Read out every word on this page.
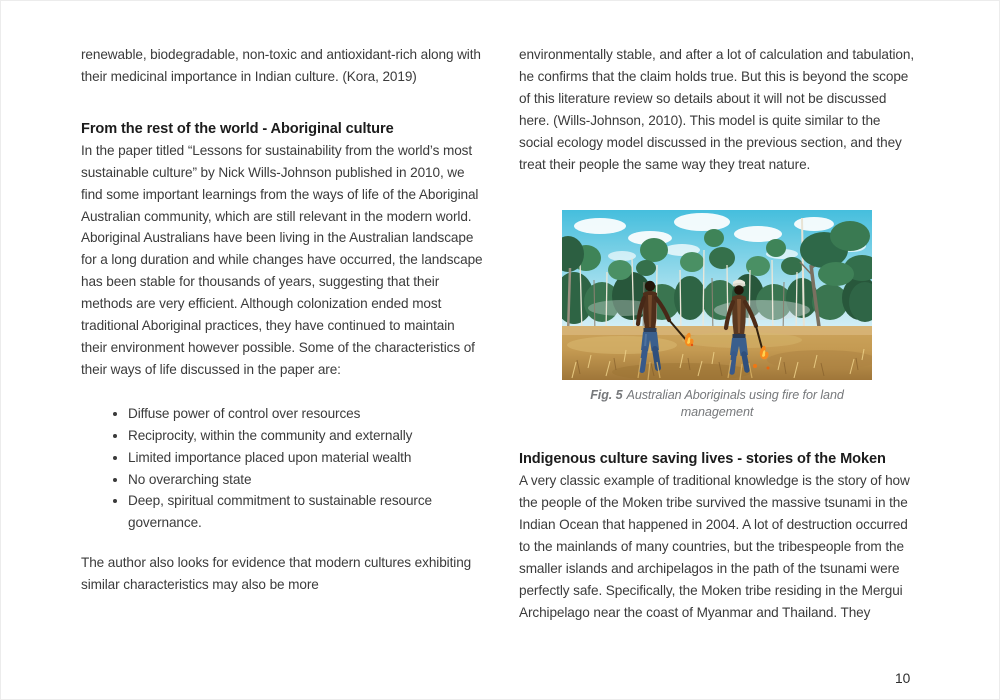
renewable, biodegradable, non-toxic and antioxidant-rich along with their medicinal importance in Indian culture. (Kora, 2019)

From the rest of the world - Aboriginal culture

In the paper titled “Lessons for sustainability from the world’s most sustainable culture” by Nick Wills-Johnson published in 2010, we find some important learnings from the ways of life of the Aboriginal Australian community, which are still relevant in the modern world. Aboriginal Australians have been living in the Australian landscape for a long duration and while changes have occurred, the landscape has been stable for thousands of years, suggesting that their methods are very efficient. Although colonization ended most traditional Aboriginal practices, they have continued to maintain their environment however possible. Some of the characteristics of their ways of life discussed in the paper are:

• Diffuse power of control over resources
• Reciprocity, within the community and externally
• Limited importance placed upon material wealth
• No overarching state
• Deep, spiritual commitment to sustainable resource governance.

The author also looks for evidence that modern cultures exhibiting similar characteristics may also be more

environmentally stable, and after a lot of calculation and tabulation, he confirms that the claim holds true. But this is beyond the scope of this literature review so details about it will not be discussed here. (Wills-Johnson, 2010). This model is quite similar to the social ecology model discussed in the previous section, and they treat their people the same way they treat nature.

Fig. 5 Australian Aboriginals using fire for land management
Indigenous culture saving lives - stories of the Moken

A very classic example of traditional knowledge is the story of how the people of the Moken tribe survived the massive tsunami in the Indian Ocean that happened in 2004. A lot of destruction occurred to the mainlands of many countries, but the tribespeople from the smaller islands and archipelagos in the path of the tsunami were perfectly safe. Specifically, the Moken tribe residing in the Mergui Archipelago near the coast of Myanmar and Thailand. They

10
